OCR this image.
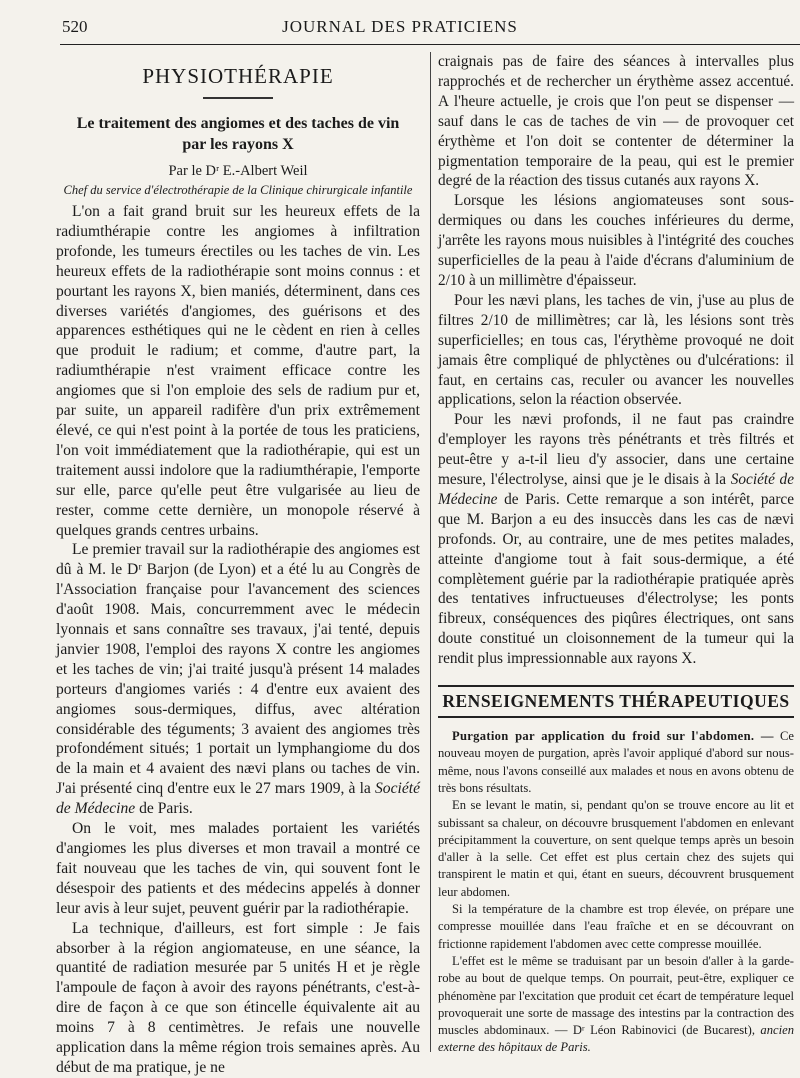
520	JOURNAL DES PRATICIENS
PHYSIOTHÉRAPIE
Le traitement des angiomes et des taches de vin
par les rayons X
Par le Dʳ E.-Albert Weil
Chef du service d'électrothérapie de la Clinique chirurgicale infantile

L'on a fait grand bruit sur les heureux effets de la radiumthérapie contre les angiomes à infiltration profonde, les tumeurs érectiles ou les taches de vin. Les heureux effets de la radiothérapie sont moins connus : et pourtant les rayons X, bien maniés, déterminent, dans ces diverses variétés d'angiomes, des guérisons et des apparences esthétiques qui ne le cèdent en rien à celles que produit le radium; et comme, d'autre part, la radiumthérapie n'est vraiment efficace contre les angiomes que si l'on emploie des sels de radium pur et, par suite, un appareil radifère d'un prix extrêmement élevé, ce qui n'est point à la portée de tous les praticiens, l'on voit immédiatement que la radiothérapie, qui est un traitement aussi indolore que la radiumthérapie, l'emporte sur elle, parce qu'elle peut être vulgarisée au lieu de rester, comme cette dernière, un monopole réservé à quelques grands centres urbains.

Le premier travail sur la radiothérapie des angiomes est dû à M. le Dʳ Barjon (de Lyon) et a été lu au Congrès de l'Association française pour l'avancement des sciences d'août 1908. Mais, concurremment avec le médecin lyonnais et sans connaître ses travaux, j'ai tenté, depuis janvier 1908, l'emploi des rayons X contre les angiomes et les taches de vin; j'ai traité jusqu'à présent 14 malades porteurs d'angiomes variés : 4 d'entre eux avaient des angiomes sous-dermiques, diffus, avec altération considérable des téguments; 3 avaient des angiomes très profondément situés; 1 portait un lymphangiome du dos de la main et 4 avaient des nævi plans ou taches de vin. J'ai présenté cinq d'entre eux le 27 mars 1909, à la Société de Médecine de Paris.

On le voit, mes malades portaient les variétés d'angiomes les plus diverses et mon travail a montré ce fait nouveau que les taches de vin, qui souvent font le désespoir des patients et des médecins appelés à donner leur avis à leur sujet, peuvent guérir par la radiothérapie.

La technique, d'ailleurs, est fort simple : Je fais absorber à la région angiomateuse, en une séance, la quantité de radiation mesurée par 5 unités H et je règle l'ampoule de façon à avoir des rayons pénétrants, c'est-à-dire de façon à ce que son étincelle équivalente ait au moins 7 à 8 centimètres. Je refais une nouvelle application dans la même région trois semaines après. Au début de ma pratique, je ne

craignais pas de faire des séances à intervalles plus rapprochés et de rechercher un érythème assez accentué. A l'heure actuelle, je crois que l'on peut se dispenser — sauf dans le cas de taches de vin — de provoquer cet érythème et l'on doit se contenter de déterminer la pigmentation temporaire de la peau, qui est le premier degré de la réaction des tissus cutanés aux rayons X.

Lorsque les lésions angiomateuses sont sous-dermiques ou dans les couches inférieures du derme, j'arrête les rayons mous nuisibles à l'intégrité des couches superficielles de la peau à l'aide d'écrans d'aluminium de 2/10 à un millimètre d'épaisseur.

Pour les nævi plans, les taches de vin, j'use au plus de filtres 2/10 de millimètres; car là, les lésions sont très superficielles; en tous cas, l'érythème provoqué ne doit jamais être compliqué de phlyctènes ou d'ulcérations: il faut, en certains cas, reculer ou avancer les nouvelles applications, selon la réaction observée.

Pour les nævi profonds, il ne faut pas craindre d'employer les rayons très pénétrants et très filtrés et peut-être y a-t-il lieu d'y associer, dans une certaine mesure, l'électrolyse, ainsi que je le disais à la Société de Médecine de Paris. Cette remarque a son intérêt, parce que M. Barjon a eu des insuccès dans les cas de nævi profonds. Or, au contraire, une de mes petites malades, atteinte d'angiome tout à fait sous-dermique, a été complètement guérie par la radiothérapie pratiquée après des tentatives infructueuses d'électrolyse; les ponts fibreux, conséquences des piqûres électriques, ont sans doute constitué un cloisonnement de la tumeur qui la rendit plus impressionnable aux rayons X.

RENSEIGNEMENTS THÉRAPEUTIQUES

Purgation par application du froid sur l'abdomen. — Ce nouveau moyen de purgation, après l'avoir appliqué d'abord sur nous-même, nous l'avons conseillé aux malades et nous en avons obtenu de très bons résultats.

En se levant le matin, si, pendant qu'on se trouve encore au lit et subissant sa chaleur, on découvre brusquement l'abdomen en enlevant précipitamment la couverture, on sent quelque temps après un besoin d'aller à la selle. Cet effet est plus certain chez des sujets qui transpirent le matin et qui, étant en sueurs, découvrent brusquement leur abdomen.

Si la température de la chambre est trop élevée, on prépare une compresse mouillée dans l'eau fraîche et en se découvrant on frictionne rapidement l'abdomen avec cette compresse mouillée.

L'effet est le même se traduisant par un besoin d'aller à la garde-robe au bout de quelque temps. On pourrait, peut-être, expliquer ce phénomène par l'excitation que produit cet écart de température lequel provoquerait une sorte de massage des intestins par la contraction des muscles abdominaux. — Dʳ Léon Rabinovici (de Bucarest), ancien externe des hôpitaux de Paris.
